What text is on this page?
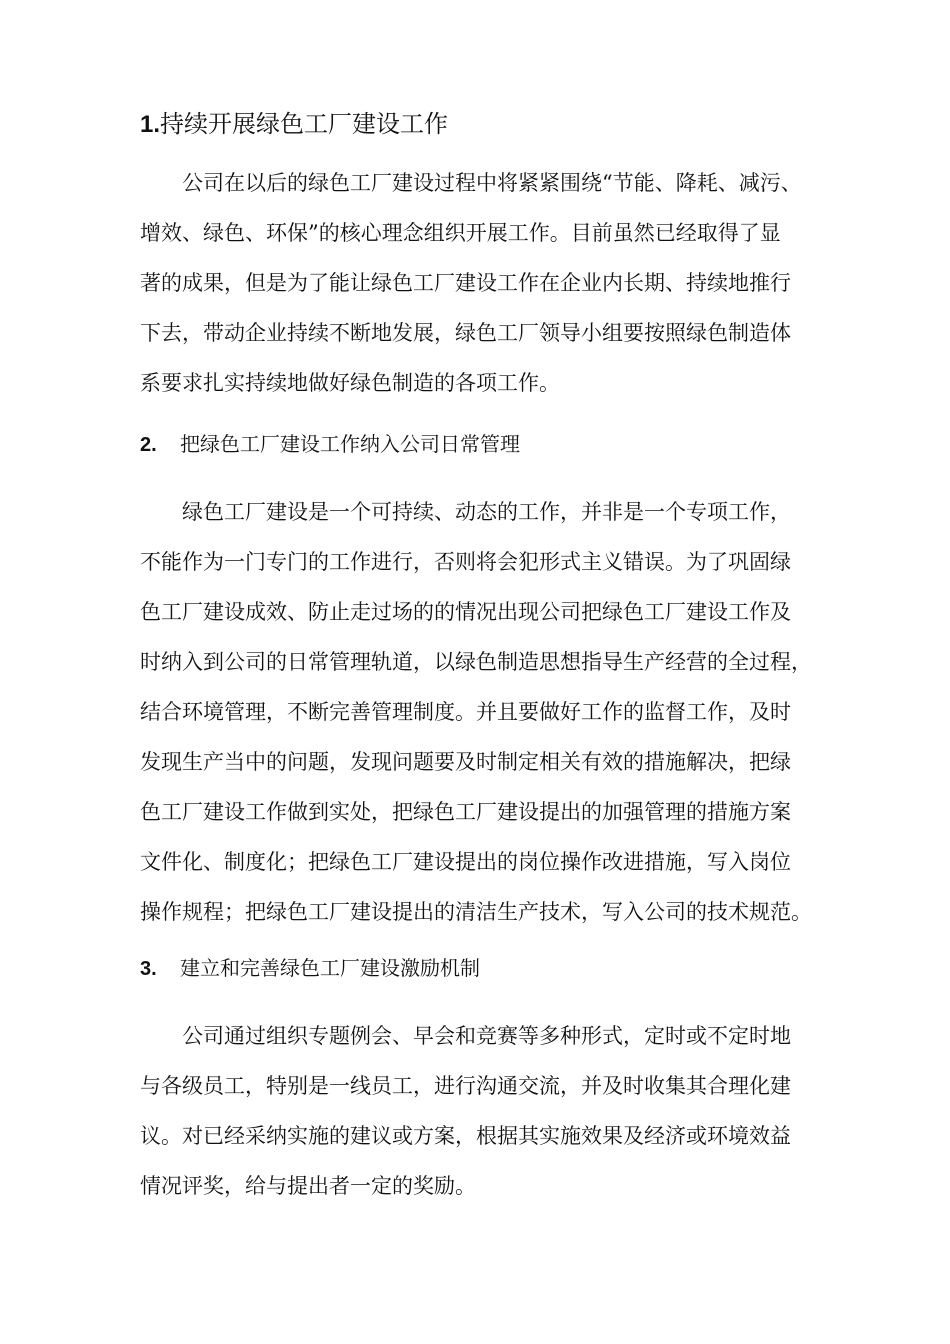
1.持续开展绿色工厂建设工作
公司在以后的绿色工厂建设过程中将紧紧围绕“节能、降耗、减污、
增效、绿色、环保”的核心理念组织开展工作。目前虽然已经取得了显
著的成果，但是为了能让绿色工厂建设工作在企业内长期、持续地推行
下去，带动企业持续不断地发展，绿色工厂领导小组要按照绿色制造体
系要求扎实持续地做好绿色制造的各项工作。
2. 把绿色工厂建设工作纳入公司日常管理
绿色工厂建设是一个可持续、动态的工作，并非是一个专项工作，
不能作为一门专门的工作进行，否则将会犯形式主义错误。为了巩固绿
色工厂建设成效、防止走过场的的情况出现公司把绿色工厂建设工作及
时纳入到公司的日常管理轨道，以绿色制造思想指导生产经营的全过程，
结合环境管理，不断完善管理制度。并且要做好工作的监督工作，及时
发现生产当中的问题，发现问题要及时制定相关有效的措施解决，把绿
色工厂建设工作做到实处，把绿色工厂建设提出的加强管理的措施方案
文件化、制度化；把绿色工厂建设提出的岗位操作改进措施，写入岗位
操作规程；把绿色工厂建设提出的清洁生产技术，写入公司的技术规范。
3. 建立和完善绿色工厂建设激励机制
公司通过组织专题例会、早会和竞赛等多种形式，定时或不定时地
与各级员工，特别是一线员工，进行沟通交流，并及时收集其合理化建
议。对已经采纳实施的建议或方案，根据其实施效果及经济或环境效益
情况评奖，给与提出者一定的奖励。
